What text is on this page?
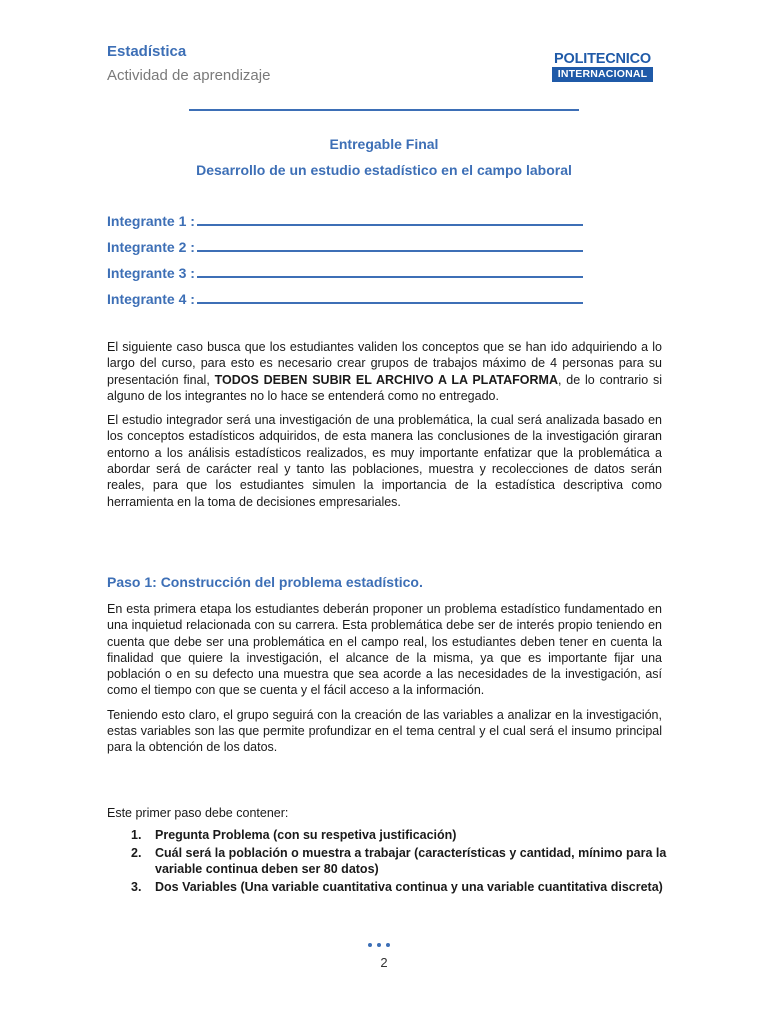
Estadística
Actividad de aprendizaje
POLITECNICO
INTERNACIONAL
Entregable Final
Desarrollo de un estudio estadístico en el campo laboral
Integrante 1 :
Integrante 2 :
Integrante 3 :
Integrante 4 :

El siguiente caso busca que los estudiantes validen los conceptos que se han ido adquiriendo a lo largo del curso, para esto es necesario crear grupos de trabajos máximo de 4 personas para su presentación final, TODOS DEBEN SUBIR EL ARCHIVO A LA PLATAFORMA, de lo contrario si alguno de los integrantes no lo hace se entenderá como no entregado.

El estudio integrador será una investigación de una problemática, la cual será analizada basado en los conceptos estadísticos adquiridos, de esta manera las conclusiones de la investigación giraran entorno a los análisis estadísticos realizados, es muy importante enfatizar que la problemática a abordar será de carácter real y tanto las poblaciones, muestra y recolecciones de datos serán reales, para que los estudiantes simulen la importancia de la estadística descriptiva como herramienta en la toma de decisiones empresariales.

Paso 1: Construcción del problema estadístico.

En esta primera etapa los estudiantes deberán proponer un problema estadístico fundamentado en una inquietud relacionada con su carrera. Esta problemática debe ser de interés propio teniendo en cuenta que debe ser una problemática en el campo real, los estudiantes deben tener en cuenta la finalidad que quiere la investigación, el alcance de la misma, ya que es importante fijar una población o en su defecto una muestra que sea acorde a las necesidades de la investigación, así como el tiempo con que se cuenta y el fácil acceso a la información.

Teniendo esto claro, el grupo seguirá con la creación de las variables a analizar en la investigación, estas variables son las que permite profundizar en el tema central y el cual será el insumo principal para la obtención de los datos.

Este primer paso debe contener:
1.	Pregunta Problema (con su respetiva justificación)
2.	Cuál será la población o muestra a trabajar (características y cantidad, mínimo para la variable continua deben ser 80 datos)
3.	Dos Variables (Una variable cuantitativa continua y una variable cuantitativa discreta)
2
